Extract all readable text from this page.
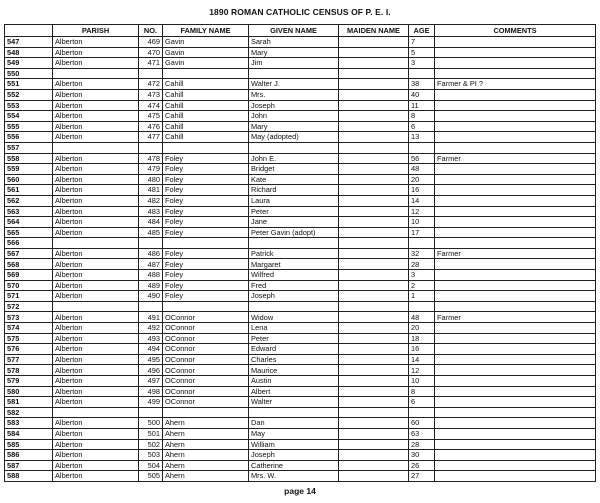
1890 ROMAN CATHOLIC CENSUS OF P. E. I.
	PARISH	NO.	FAMILY NAME	GIVEN NAME	MAIDEN NAME	AGE	COMMENTS
547	Alberton	469	Gavin	Sarah		7	
548	Alberton	470	Gavin	Mary		5	
549	Alberton	471	Gavin	Jim		3	
550							
551	Alberton	472	Cahill	Walter J.		38	Farmer & PI ?
552	Alberton	473	Cahill	Mrs.		40	
553	Alberton	474	Cahill	Joseph		11	
554	Alberton	475	Cahill	John		8	
555	Alberton	476	Cahill	Mary		6	
556	Alberton	477	Cahill	May (adopted)		13	
557							
558	Alberton	478	Foley	John E.		56	Farmer
559	Alberton	479	Foley	Bridget		48	
560	Alberton	480	Foley	Kate		20	
561	Alberton	481	Foley	Richard		16	
562	Alberton	482	Foley	Laura		14	
563	Alberton	483	Foley	Peter		12	
564	Alberton	484	Foley	Jane		10	
565	Alberton	485	Foley	Peter Gavin (adopt)		17	
566							
567	Alberton	486	Foley	Patrick		32	Farmer
568	Alberton	487	Foley	Margaret		28	
569	Alberton	488	Foley	Wilfred		3	
570	Alberton	489	Foley	Fred		2	
571	Alberton	490	Foley	Joseph		1	
572							
573	Alberton	491	OConnor	Widow		48	Farmer
574	Alberton	492	OConnor	Lena		20	
575	Alberton	493	OConnor	Peter		18	
576	Alberton	494	OConnor	Edward		16	
577	Alberton	495	OConnor	Charles		14	
578	Alberton	496	OConnor	Maurice		12	
579	Alberton	497	OConnor	Austin		10	
580	Alberton	498	OConnor	Albert		8	
581	Alberton	499	OConnor	Walter		6	
582							
583	Alberton	500	Ahern	Dan		60	
584	Alberton	501	Ahern	May		63	
585	Alberton	502	Ahern	William		28	
586	Alberton	503	Ahern	Joseph		30	
587	Alberton	504	Ahern	Catherine		26	
588	Alberton	505	Ahern	Mrs. W.		27	
page 14
